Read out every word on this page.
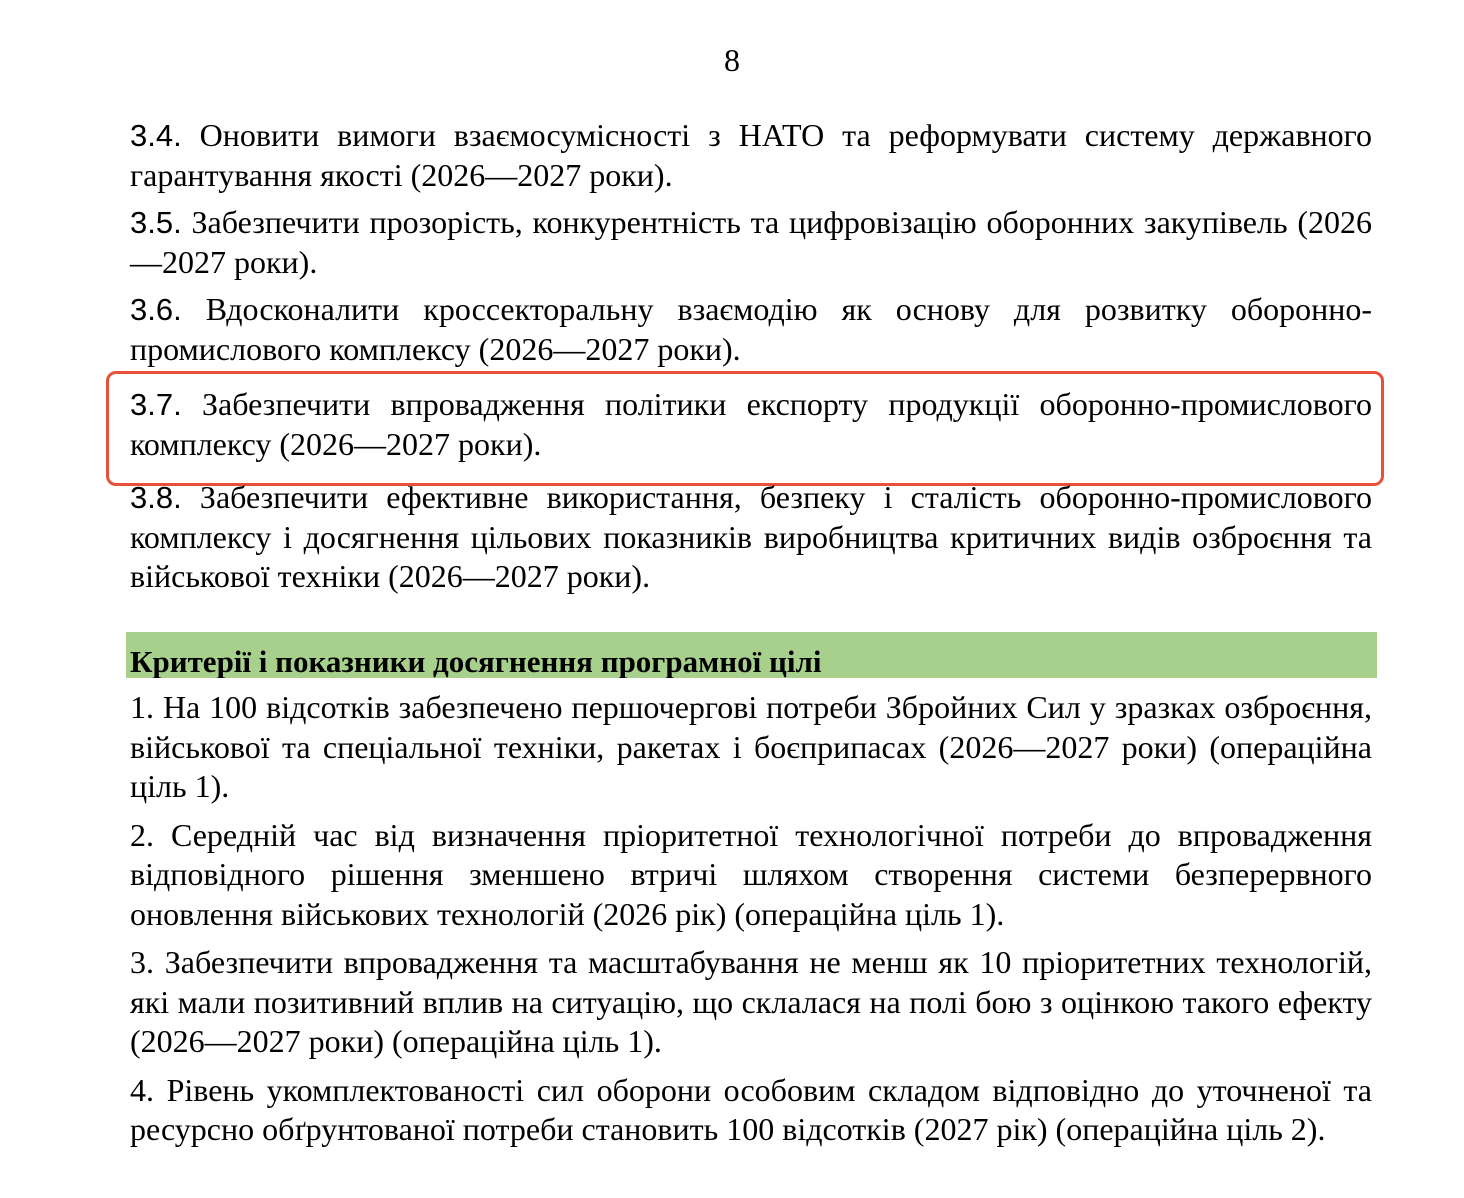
8

3.4. Оновити вимоги взаємосумісності з НАТО та реформувати систему державного гарантування якості (2026—2027 роки).

3.5. Забезпечити прозорість, конкурентність та цифровізацію оборонних закупівель (2026—2027 роки).

3.6. Вдосконалити кроссекторальну взаємодію як основу для розвитку оборонно-промислового комплексу (2026—2027 роки).

3.7. Забезпечити впровадження політики експорту продукції оборонно-промислового комплексу (2026—2027 роки).

3.8. Забезпечити ефективне використання, безпеку і сталість оборонно-промислового комплексу і досягнення цільових показників виробництва критичних видів озброєння та військової техніки (2026—2027 роки).

Критерії і показники досягнення програмної цілі

1. На 100 відсотків забезпечено першочергові потреби Збройних Сил у зразках озброєння, військової та спеціальної техніки, ракетах і боєприпасах (2026—2027 роки) (операційна ціль 1).

2. Середній час від визначення пріоритетної технологічної потреби до впровадження відповідного рішення зменшено втричі шляхом створення системи безперервного оновлення військових технологій (2026 рік) (операційна ціль 1).

3. Забезпечити впровадження та масштабування не менш як 10 пріоритетних технологій, які мали позитивний вплив на ситуацію, що склалася на полі бою з оцінкою такого ефекту (2026—2027 роки) (операційна ціль 1).

4. Рівень укомплектованості сил оборони особовим складом відповідно до уточненої та ресурсно обґрунтованої потреби становить 100 відсотків (2027 рік) (операційна ціль 2).
